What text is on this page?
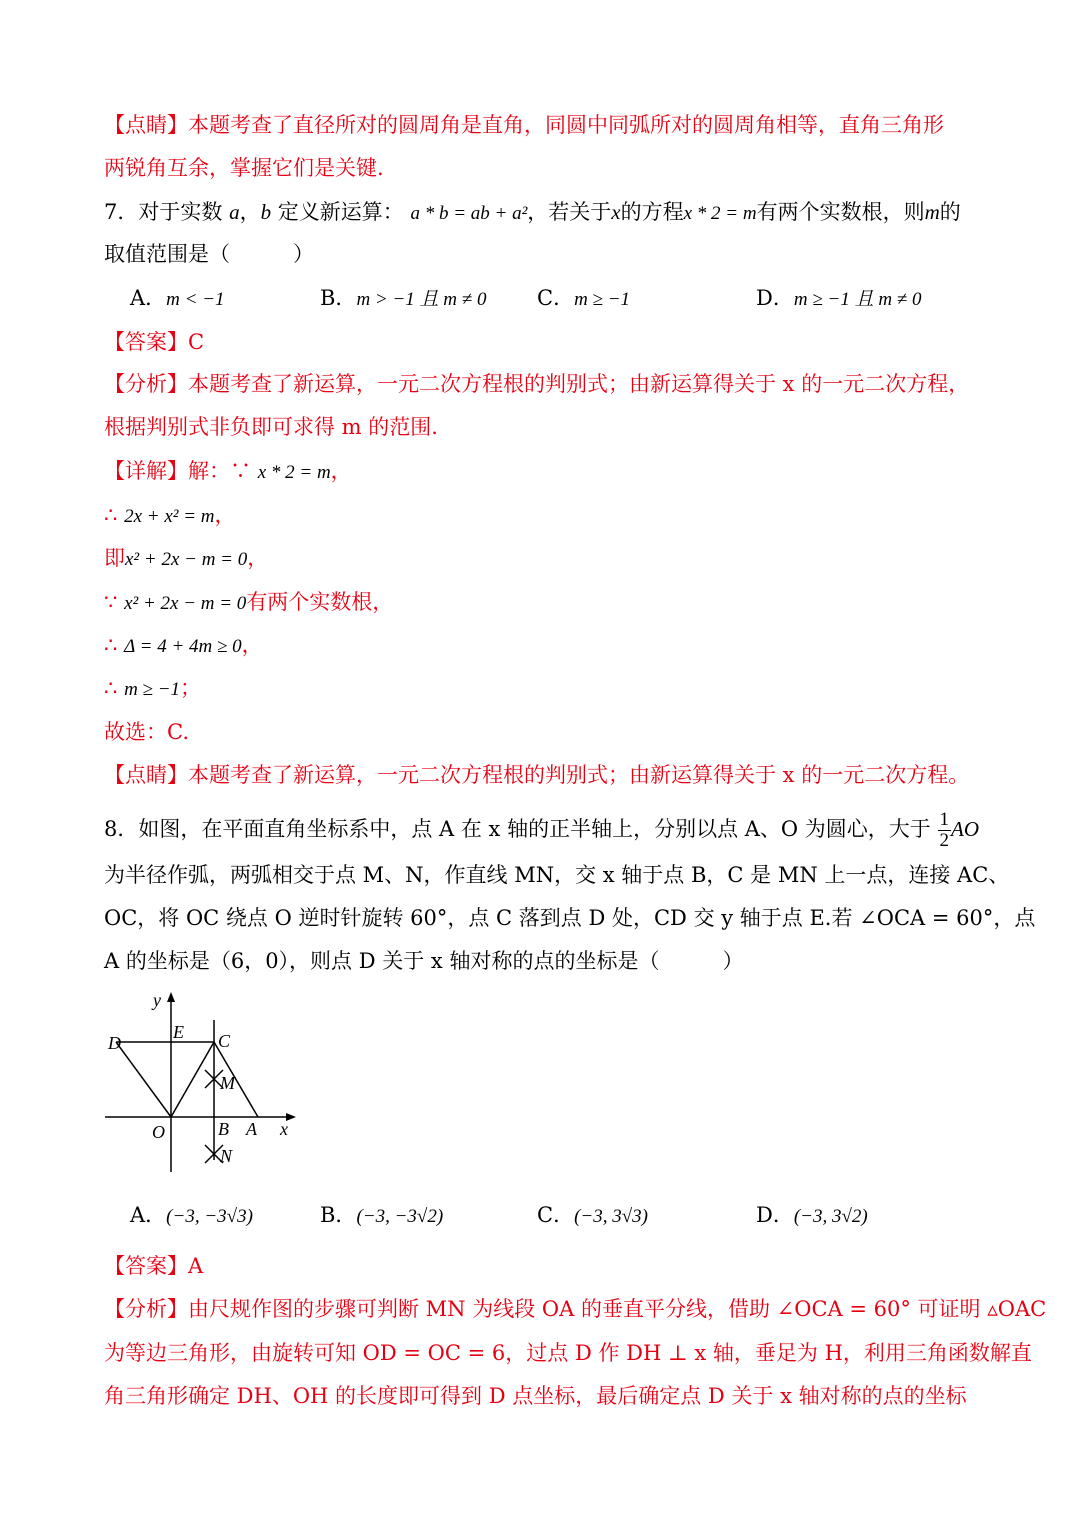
【点睛】本题考查了直径所对的圆周角是直角，同圆中同弧所对的圆周角相等，直角三角形
两锐角互余，掌握它们是关键.
7．对于实数 a，b 定义新运算： a * b = ab + a²，若关于x的方程x * 2 = m有两个实数根，则m的
取值范围是（　　　）
A．m < −1	B．m > −1 且 m ≠ 0 C．m ≥ −1	D．m ≥ −1 且 m ≠ 0
【答案】C
【分析】本题考查了新运算，一元二次方程根的判别式；由新运算得关于 x 的一元二次方程，
根据判别式非负即可求得 m 的范围.
【详解】解：∵ x * 2 = m，
∴ 2x + x² = m，
即x² + 2x − m = 0，
∵ x² + 2x − m = 0有两个实数根，
∴ Δ = 4 + 4m ≥ 0，
∴ m ≥ −1；
故选：C.
【点睛】本题考查了新运算，一元二次方程根的判别式；由新运算得关于 x 的一元二次方程。
8．如图，在平面直角坐标系中，点 A 在 x 轴的正半轴上，分别以点 A、O 为圆心，大于 $\frac{1}{2}$ AO
为半径作弧，两弧相交于点 M、N，作直线 MN，交 x 轴于点 B，C 是 MN 上一点，连接 AC、
OC，将 OC 绕点 O 逆时针旋转 60°，点 C 落到点 D 处，CD 交 y 轴于点 E.若 ∠OCA = 60°，点
A 的坐标是（6，0），则点 D 关于 x 轴对称的点的坐标是（　　　）
y
x
D
E C
M
O	B A
N
A．(−3, −3√3)	B．(−3, −3√2)	C．(−3, 3√3)	D．(−3, 3√2)
【答案】A
【分析】由尺规作图的步骤可判断 MN 为线段 OA 的垂直平分线，借助 ∠OCA = 60° 可证明 ▵OAC
为等边三角形，由旋转可知 OD = OC = 6，过点 D 作 DH ⊥ x 轴，垂足为 H，利用三角函数解直
角三角形确定 DH、OH 的长度即可得到 D 点坐标，最后确定点 D 关于 x 轴对称的点的坐标
